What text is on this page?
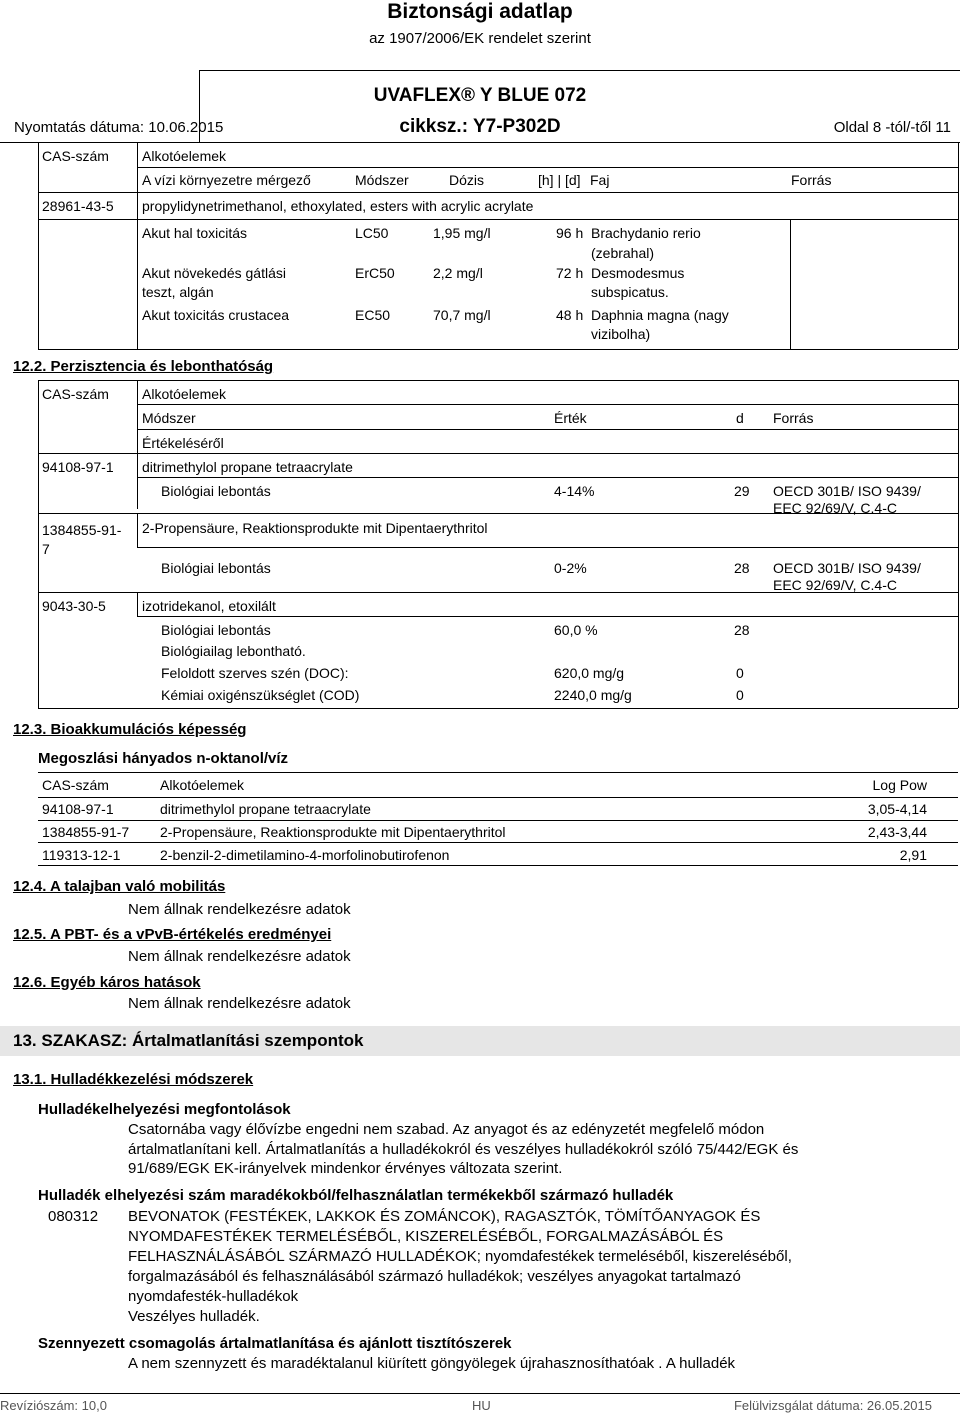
Biztonsági adatlap
az 1907/2006/EK rendelet szerint
UVAFLEX® Y BLUE 072
Nyomtatás dátuma: 10.06.2015	cikksz.: Y7-P302D	Oldal 8 -tól/-től 11
CAS-szám Alkotóelemek
A vízi környezetre mérgező	Módszer	Dózis	[h] | [d] Faj	Forrás
28961-43-5 propylidynetrimethanol, ethoxylated, esters with acrylic acrylate
Akut hal toxicitás	LC50	1,95 mg/l	96 h Brachydanio rerio
(zebrahal)
Akut növekedés gátlási
teszt, algán
ErC50	2,2 mg/l	72 h Desmodesmus
subspicatus.
Akut toxicitás crustacea	EC50	70,7 mg/l	48 h Daphnia magna (nagy
vizibolha)
12.2. Perzisztencia és lebonthatóság
CAS-szám Alkotóelemek
Módszer	Érték	d Forrás
Értékeléséről
94108-97-1 ditrimethylol propane tetraacrylate
Biológiai lebontás	4-14%	29 OECD 301B/ ISO 9439/
EEC 92/69/V, C.4-C
1384855-91-
7
2-Propensäure, Reaktionsprodukte mit Dipentaerythritol
Biológiai lebontás	0-2%	28 OECD 301B/ ISO 9439/
EEC 92/69/V, C.4-C
9043-30-5	izotridekanol, etoxilált
Biológiai lebontás	60,0 %	28
Biológiailag lebontható.
Feloldott szerves szén (DOC):	620,0 mg/g	0
Kémiai oxigénszükséglet (COD)	2240,0 mg/g	0
12.3. Bioakkumulációs képesség
Megoszlási hányados n-oktanol/víz
CAS-szám	Alkotóelemek	Log Pow
94108-97-1	ditrimethylol propane tetraacrylate	3,05-4,14
1384855-91-7 2-Propensäure, Reaktionsprodukte mit Dipentaerythritol	2,43-3,44
119313-12-1	2-benzil-2-dimetilamino-4-morfolinobutirofenon	2,91
12.4. A talajban való mobilitás
Nem állnak rendelkezésre adatok
12.5. A PBT- és a vPvB-értékelés eredményei
Nem állnak rendelkezésre adatok
12.6. Egyéb káros hatások
Nem állnak rendelkezésre adatok
13. SZAKASZ: Ártalmatlanítási szempontok
13.1. Hulladékkezelési módszerek
Hulladékelhelyezési megfontolások
Csatornába vagy élővízbe engedni nem szabad. Az anyagot és az edényzetét megfelelő módon
ártalmatlanítani kell. Ártalmatlanítás a hulladékokról és veszélyes hulladékokról szóló 75/442/EGK és
91/689/EGK EK-irányelvek mindenkor érvényes változata szerint.
Hulladék elhelyezési szám maradékokból/felhasználatlan termékekből származó hulladék
080312 BEVONATOK (FESTÉKEK, LAKKOK ÉS ZOMÁNCOK), RAGASZTÓK, TÖMÍTŐANYAGOK ÉS
NYOMDAFESTÉKEK TERMELÉSÉBŐL, KISZERELÉSÉBŐL, FORGALMAZÁSÁBÓL ÉS
FELHASZNÁLÁSÁBÓL SZÁRMAZÓ HULLADÉKOK; nyomdafestékek termeléséből, kiszereléséből,
forgalmazásából és felhasználásából származó hulladékok; veszélyes anyagokat tartalmazó
nyomdafesték-hulladékok
Veszélyes hulladék.
Szennyezett csomagolás ártalmatlanítása és ajánlott tisztítószerek
A nem szennyzett és maradéktalanul kiürített göngyölegek újrahasznosíthatóak . A hulladék
Revíziószám: 10,0	HU	Felülvizsgálat dátuma: 26.05.2015
